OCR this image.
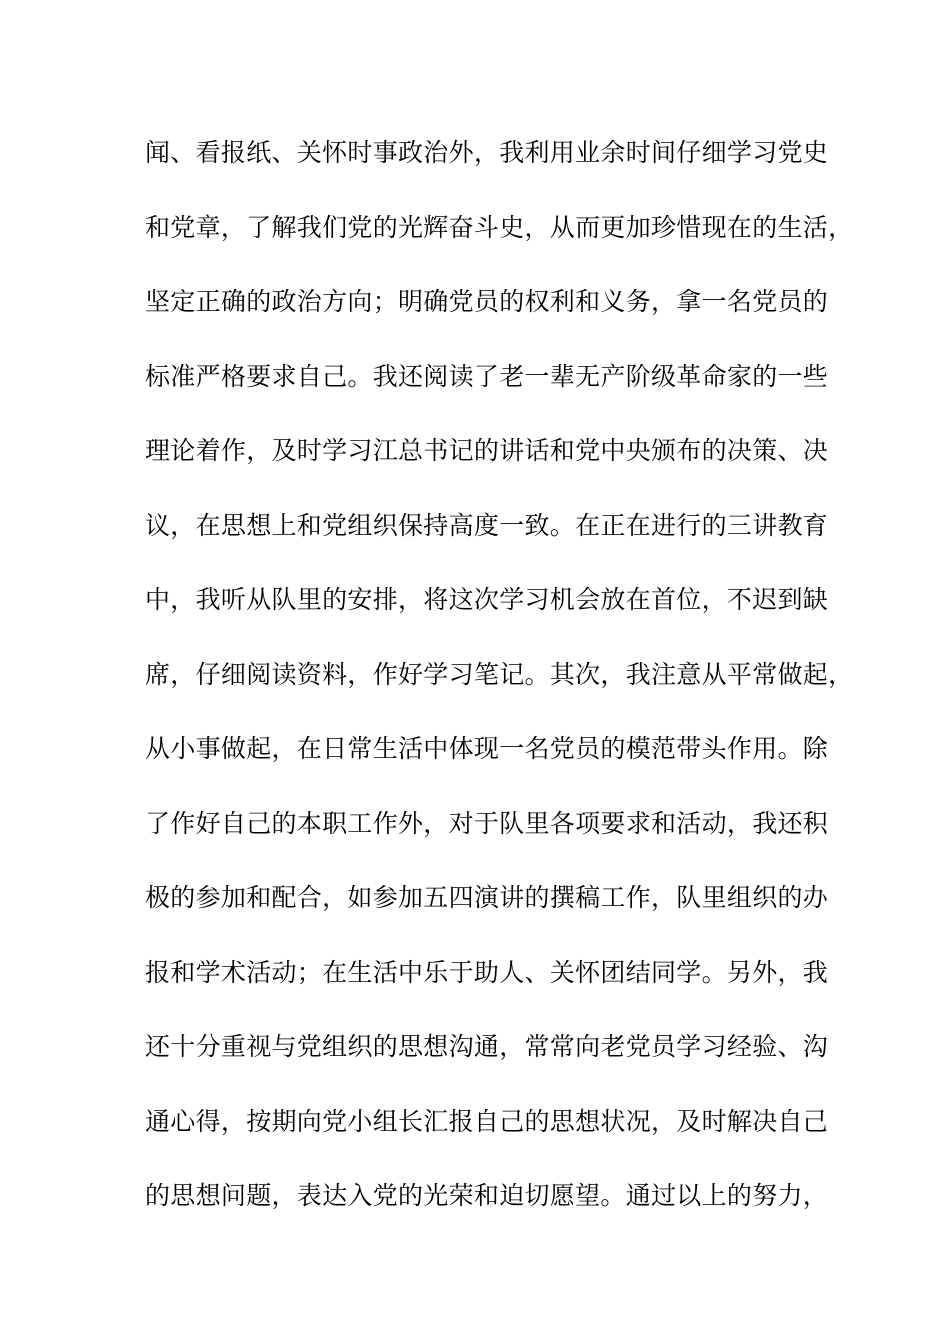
闻、看报纸、关怀时事政治外，我利用业余时间仔细学习党史
和党章，了解我们党的光辉奋斗史，从而更加珍惜现在的生活，
坚定正确的政治方向；明确党员的权利和义务，拿一名党员的
标准严格要求自己。我还阅读了老一辈无产阶级革命家的一些
理论着作，及时学习江总书记的讲话和党中央颁布的决策、决
议，在思想上和党组织保持高度一致。在正在进行的三讲教育
中，我听从队里的安排，将这次学习机会放在首位，不迟到缺
席，仔细阅读资料，作好学习笔记。其次，我注意从平常做起，
从小事做起，在日常生活中体现一名党员的模范带头作用。除
了作好自己的本职工作外，对于队里各项要求和活动，我还积
极的参加和配合，如参加五四演讲的撰稿工作，队里组织的办
报和学术活动；在生活中乐于助人、关怀团结同学。另外，我
还十分重视与党组织的思想沟通，常常向老党员学习经验、沟
通心得，按期向党小组长汇报自己的思想状况，及时解决自己
的思想问题，表达入党的光荣和迫切愿望。通过以上的努力，
